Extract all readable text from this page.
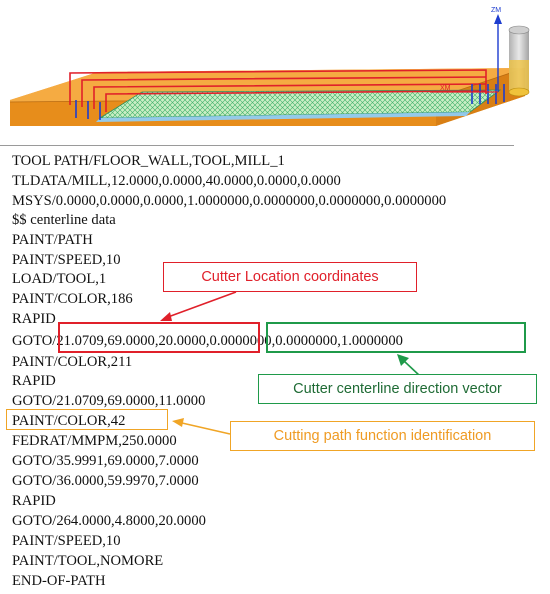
ZM
XM
TOOL PATH/FLOOR_WALL,TOOL,MILL_1
TLDATA/MILL,12.0000,0.0000,40.0000,0.0000,0.0000
MSYS/0.0000,0.0000,0.0000,1.0000000,0.0000000,0.0000000,0.0000000
$$ centerline data
PAINT/PATH
PAINT/SPEED,10
LOAD/TOOL,1
PAINT/COLOR,186
RAPID
GOTO/21.0709,69.0000,20.0000,0.0000000,0.0000000,1.0000000
PAINT/COLOR,211
RAPID
GOTO/21.0709,69.0000,11.0000
PAINT/COLOR,42
FEDRAT/MMPM,250.0000
GOTO/35.9991,69.0000,7.0000
GOTO/36.0000,59.9970,7.0000
RAPID
GOTO/264.0000,4.8000,20.0000
PAINT/SPEED,10
PAINT/TOOL,NOMORE
END-OF-PATH
Cutter Location coordinates
Cutter centerline direction vector
Cutting path function identification
